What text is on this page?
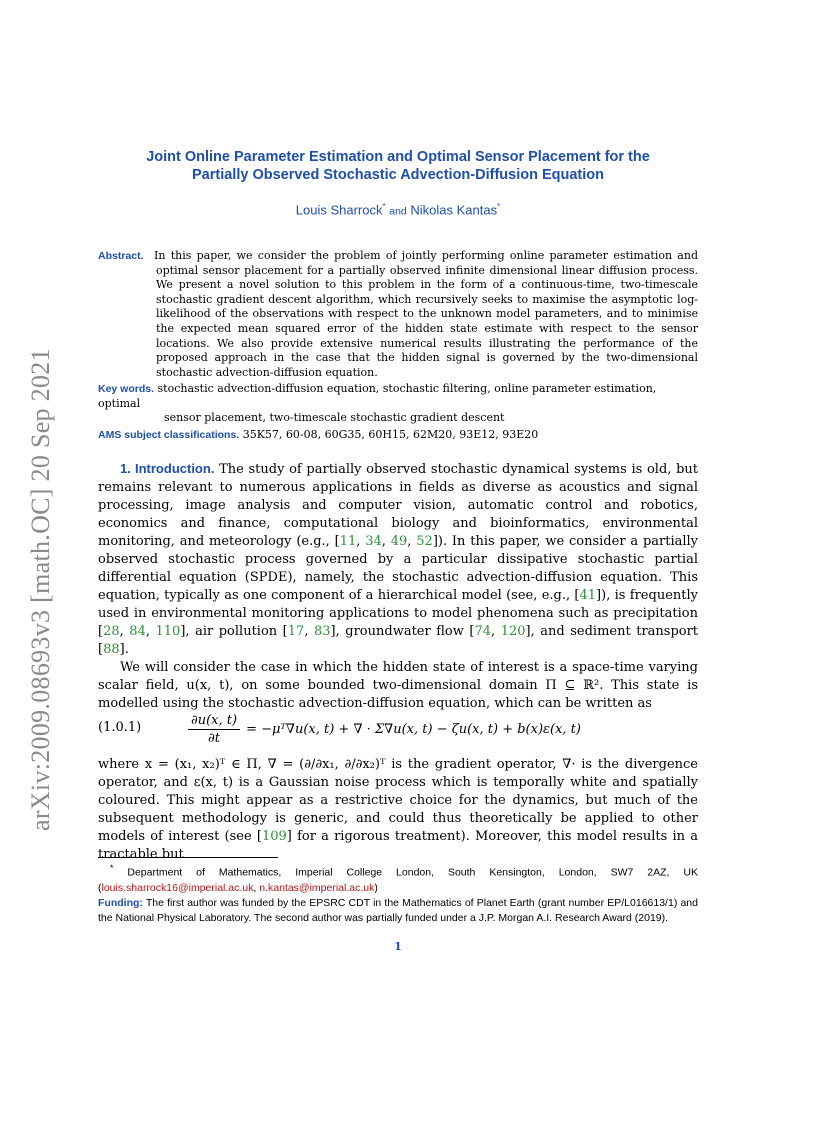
arXiv:2009.08693v3 [math.OC] 20 Sep 2021
Joint Online Parameter Estimation and Optimal Sensor Placement for the
Partially Observed Stochastic Advection-Diffusion Equation
Louis Sharrock* and Nikolas Kantas*
Abstract. In this paper, we consider the problem of jointly performing online parameter estimation and optimal sensor placement for a partially observed infinite dimensional linear diffusion process. We present a novel solution to this problem in the form of a continuous-time, two-timescale stochastic gradient descent algorithm, which recursively seeks to maximise the asymptotic log-likelihood of the observations with respect to the unknown model parameters, and to minimise the expected mean squared error of the hidden state estimate with respect to the sensor locations. We also provide extensive numerical results illustrating the performance of the proposed approach in the case that the hidden signal is governed by the two-dimensional stochastic advection-diffusion equation.
Key words. stochastic advection-diffusion equation, stochastic filtering, online parameter estimation, optimal
sensor placement, two-timescale stochastic gradient descent
AMS subject classifications. 35K57, 60-08, 60G35, 60H15, 62M20, 93E12, 93E20

1. Introduction. The study of partially observed stochastic dynamical systems is old, but remains relevant to numerous applications in fields as diverse as acoustics and signal processing, image analysis and computer vision, automatic control and robotics, economics and finance, computational biology and bioinformatics, environmental monitoring, and meteorology (e.g., [11, 34, 49, 52]). In this paper, we consider a partially observed stochastic process governed by a particular dissipative stochastic partial differential equation (SPDE), namely, the stochastic advection-diffusion equation. This equation, typically as one component of a hierarchical model (see, e.g., [41]), is frequently used in environmental monitoring applications to model phenomena such as precipitation [28, 84, 110], air pollution [17, 83], groundwater flow [74, 120], and sediment transport [88].

We will consider the case in which the hidden state of interest is a space-time varying scalar field, u(x, t), on some bounded two-dimensional domain Π ⊆ ℝ². This state is modelled using the stochastic advection-diffusion equation, which can be written as

(1.0.1)	$\frac{\partial u(x, t)}{\partial t}$ = −μᵀ∇u(x, t) + ∇ · Σ∇u(x, t) − ζu(x, t) + b(x)ε(x, t)
where x = (x₁, x₂)ᵀ ∈ Π, ∇ = (∂/∂x₁, ∂/∂x₂)ᵀ is the gradient operator, ∇· is the divergence operator, and ε(x, t) is a Gaussian noise process which is temporally white and spatially coloured. This might appear as a restrictive choice for the dynamics, but much of the subsequent methodology is generic, and could thus theoretically be applied to other models of interest (see [109] for a rigorous treatment). Moreover, this model results in a tractable but

* Department of Mathematics, Imperial College London, South Kensington, London, SW7 2AZ, UK (louis.sharrock16@imperial.ac.uk, n.kantas@imperial.ac.uk)

Funding: The first author was funded by the EPSRC CDT in the Mathematics of Planet Earth (grant number EP/L016613/1) and the National Physical Laboratory. The second author was partially funded under a J.P. Morgan A.I. Research Award (2019).

1
